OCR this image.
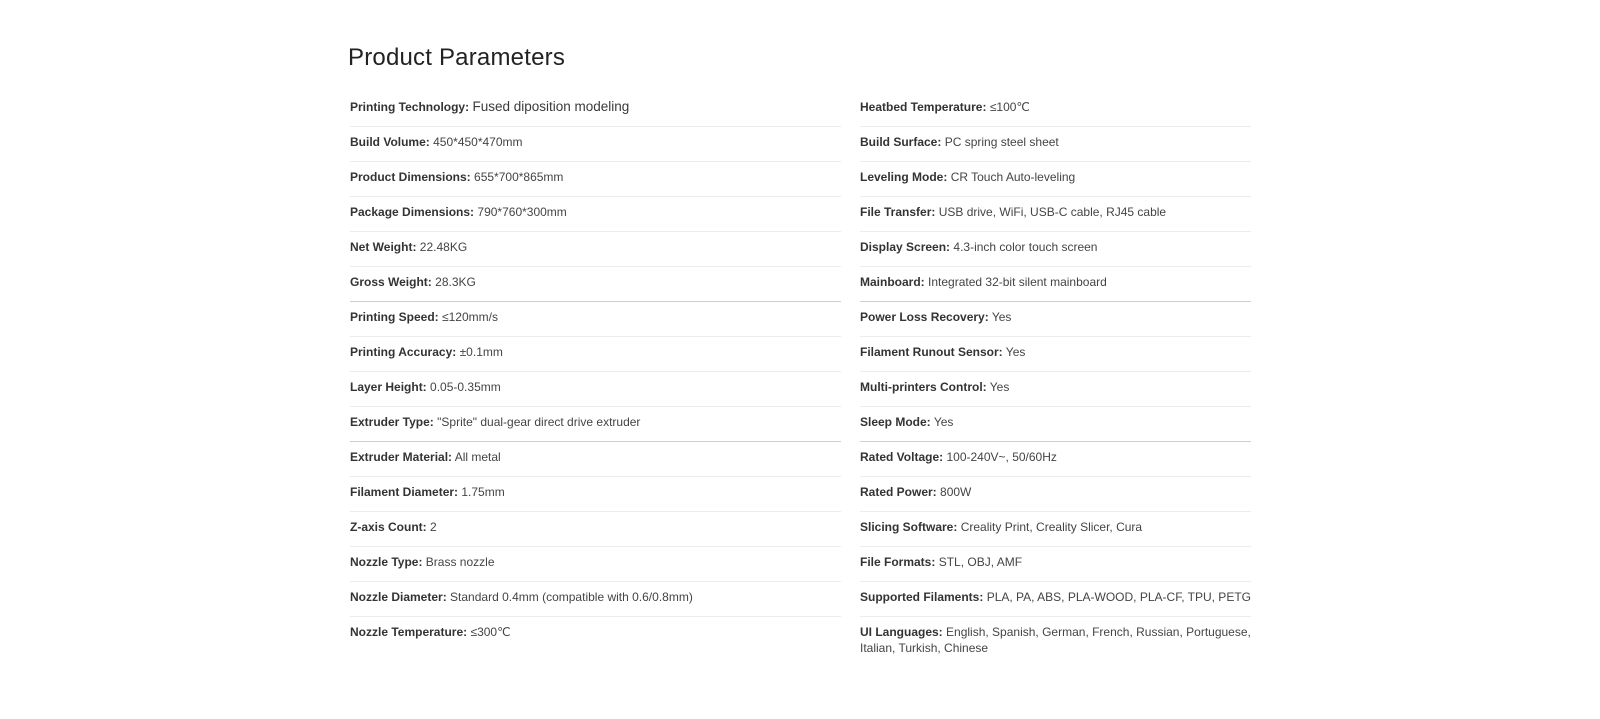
Product Parameters
Printing Technology: Fused diposition modeling
Build Volume: 450*450*470mm
Product Dimensions: 655*700*865mm
Package Dimensions: 790*760*300mm
Net Weight: 22.48KG
Gross Weight: 28.3KG
Printing Speed: ≤120mm/s
Printing Accuracy: ±0.1mm
Layer Height: 0.05-0.35mm
Extruder Type: "Sprite" dual-gear direct drive extruder
Extruder Material: All metal
Filament Diameter: 1.75mm
Z-axis Count: 2
Nozzle Type: Brass nozzle
Nozzle Diameter: Standard 0.4mm (compatible with 0.6/0.8mm)
Nozzle Temperature: ≤300℃
Heatbed Temperature: ≤100℃
Build Surface: PC spring steel sheet
Leveling Mode: CR Touch Auto-leveling
File Transfer: USB drive, WiFi, USB-C cable, RJ45 cable
Display Screen: 4.3-inch color touch screen
Mainboard: Integrated 32-bit silent mainboard
Power Loss Recovery: Yes
Filament Runout Sensor: Yes
Multi-printers Control: Yes
Sleep Mode: Yes
Rated Voltage: 100-240V~, 50/60Hz
Rated Power: 800W
Slicing Software: Creality Print, Creality Slicer, Cura
File Formats: STL, OBJ, AMF
Supported Filaments: PLA, PA, ABS, PLA-WOOD, PLA-CF, TPU, PETG
UI Languages: English, Spanish, German, French, Russian, Portuguese, Italian, Turkish, Chinese
